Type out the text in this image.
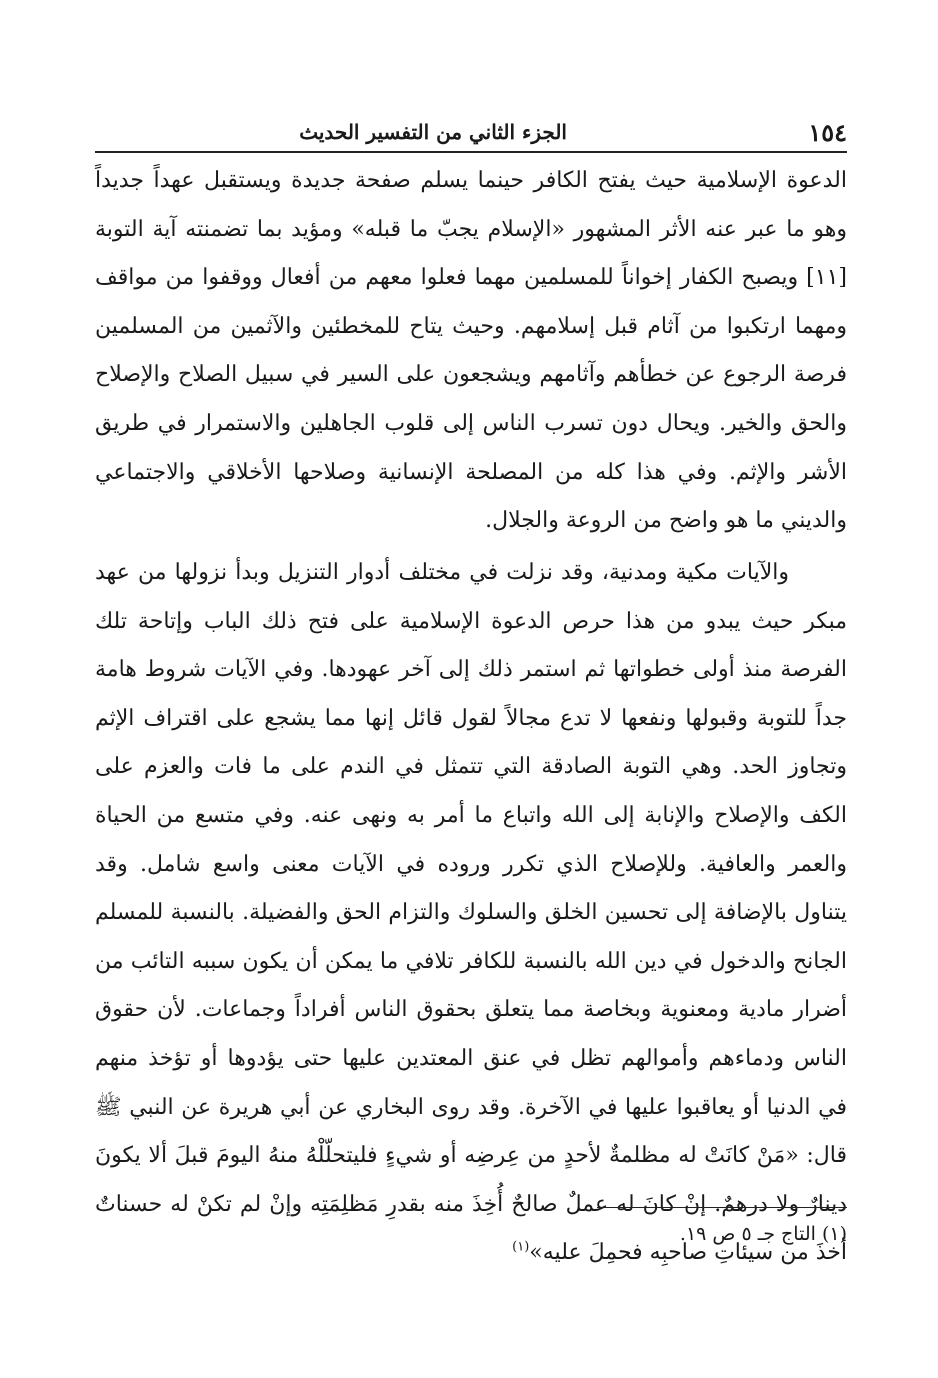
١٥٤
الجزء الثاني من التفسير الحديث

الدعوة الإسلامية حيث يفتح الكافر حينما يسلم صفحة جديدة ويستقبل عهداً جديداً وهو ما عبر عنه الأثر المشهور «الإسلام يجبّ ما قبله» ومؤيد بما تضمنته آية التوبة [١١] ويصبح الكفار إخواناً للمسلمين مهما فعلوا معهم من أفعال ووقفوا من مواقف ومهما ارتكبوا من آثام قبل إسلامهم. وحيث يتاح للمخطئين والآثمين من المسلمين فرصة الرجوع عن خطأهم وآثامهم ويشجعون على السير في سبيل الصلاح والإصلاح والحق والخير. ويحال دون تسرب الناس إلى قلوب الجاهلين والاستمرار في طريق الأشر والإثم. وفي هذا كله من المصلحة الإنسانية وصلاحها الأخلاقي والاجتماعي والديني ما هو واضح من الروعة والجلال.

والآيات مكية ومدنية، وقد نزلت في مختلف أدوار التنزيل وبدأ نزولها من عهد مبكر حيث يبدو من هذا حرص الدعوة الإسلامية على فتح ذلك الباب وإتاحة تلك الفرصة منذ أولى خطواتها ثم استمر ذلك إلى آخر عهودها. وفي الآيات شروط هامة جداً للتوبة وقبولها ونفعها لا تدع مجالاً لقول قائل إنها مما يشجع على اقتراف الإثم وتجاوز الحد. وهي التوبة الصادقة التي تتمثل في الندم على ما فات والعزم على الكف والإصلاح والإنابة إلى الله واتباع ما أمر به ونهى عنه. وفي متسع من الحياة والعمر والعافية. وللإصلاح الذي تكرر وروده في الآيات معنى واسع شامل. وقد يتناول بالإضافة إلى تحسين الخلق والسلوك والتزام الحق والفضيلة. بالنسبة للمسلم الجانح والدخول في دين الله بالنسبة للكافر تلافي ما يمكن أن يكون سببه التائب من أضرار مادية ومعنوية وبخاصة مما يتعلق بحقوق الناس أفراداً وجماعات. لأن حقوق الناس ودماءهم وأموالهم تظل في عنق المعتدين عليها حتى يؤدوها أو تؤخذ منهم في الدنيا أو يعاقبوا عليها في الآخرة. وقد روى البخاري عن أبي هريرة عن النبي ﷺ قال: «مَنْ كانَتْ له مظلمةٌ لأحدٍ من عِرضِه أو شيءٍ فليتحلّلْهُ منهُ اليومَ قبلَ ألا يكونَ دينارٌ ولا درهمٌ. إنْ كانَ له عملٌ صالحٌ أُخِذَ منه بقدرِ مَظلِمَتِه وإنْ لم تكنْ له حسناتٌ أخذَ من سيئاتِ صاحبِه فحمِلَ عليه»$^{(١)}$

(١) التاج جـ ٥ ص ١٩.
